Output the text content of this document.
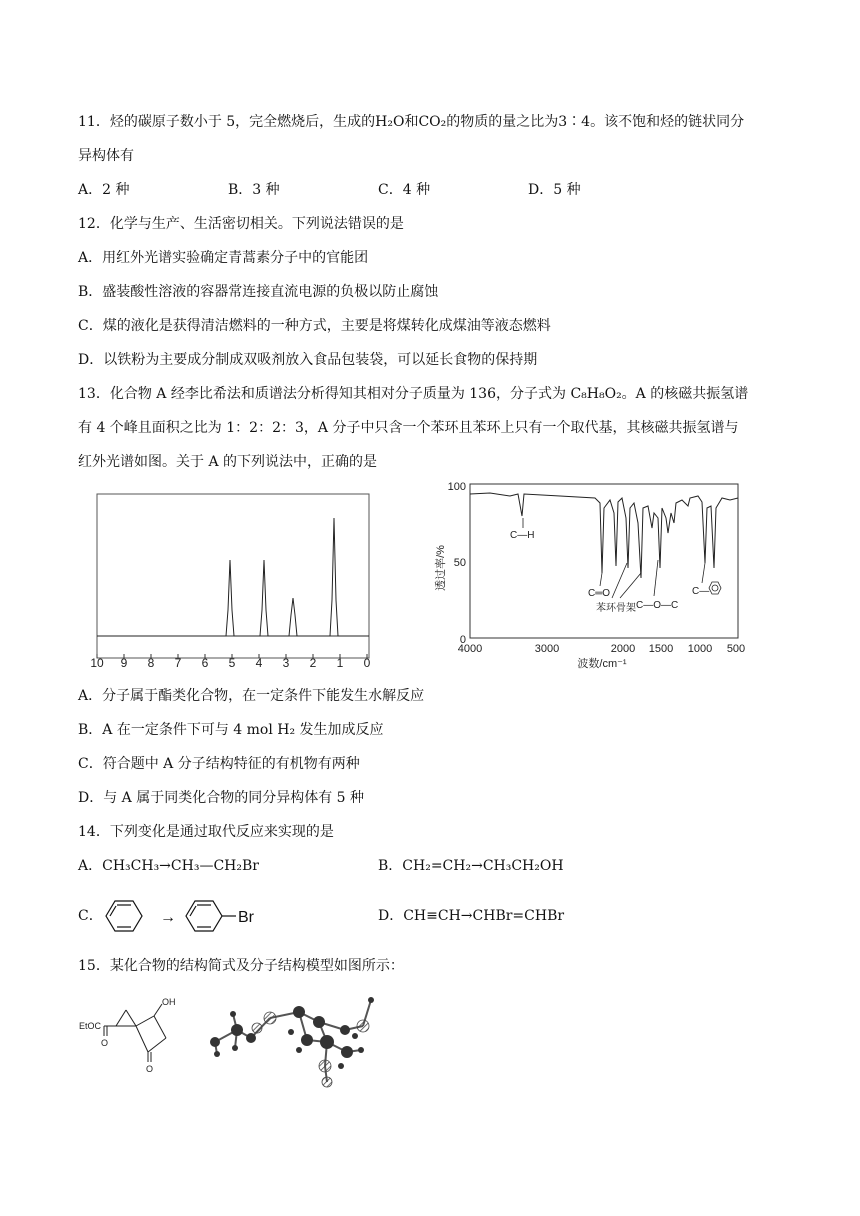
11．烃的碳原子数小于 5，完全燃烧后，生成的H₂O和CO₂的物质的量之比为3∶4。该不饱和烃的链状同分
异构体有
A．2 种	B．3 种	C．4 种	D．5 种
12．化学与生产、生活密切相关。下列说法错误的是
A．用红外光谱实验确定青蒿素分子中的官能团
B．盛装酸性溶液的容器常连接直流电源的负极以防止腐蚀
C．煤的液化是获得清洁燃料的一种方式，主要是将煤转化成煤油等液态燃料
D．以铁粉为主要成分制成双吸剂放入食品包装袋，可以延长食物的保持期
13．化合物 A 经李比希法和质谱法分析得知其相对分子质量为 136，分子式为 C₈H₈O₂。A 的核磁共振氢谱
有 4 个峰且面积之比为 1：2：2：3，A 分子中只含一个苯环且苯环上只有一个取代基，其核磁共振氢谱与
红外光谱如图。关于 A 的下列说法中，正确的是
10 9 8 7 6 5 4 3 2 1 0
100
50
0
透过率/%
C—H
C═O
苯环骨架 C—O—C
C—
4000	3000	2000 1500 1000 500
波数/cm⁻¹
A．分子属于酯类化合物，在一定条件下能发生水解反应
B．A 在一定条件下可与 4 mol H₂ 发生加成反应
C．符合题中 A 分子结构特征的有机物有两种
D．与 A 属于同类化合物的同分异构体有 5 种
14．下列变化是通过取代反应来实现的是
A．CH₃CH₃→CH₃—CH₂Br	B．CH₂=CH₂→CH₃CH₂OH
C．	→	Br	D．CH≡CH→CHBr=CHBr
15．某化合物的结构简式及分子结构模型如图所示：
EtOC
OH
O
O
